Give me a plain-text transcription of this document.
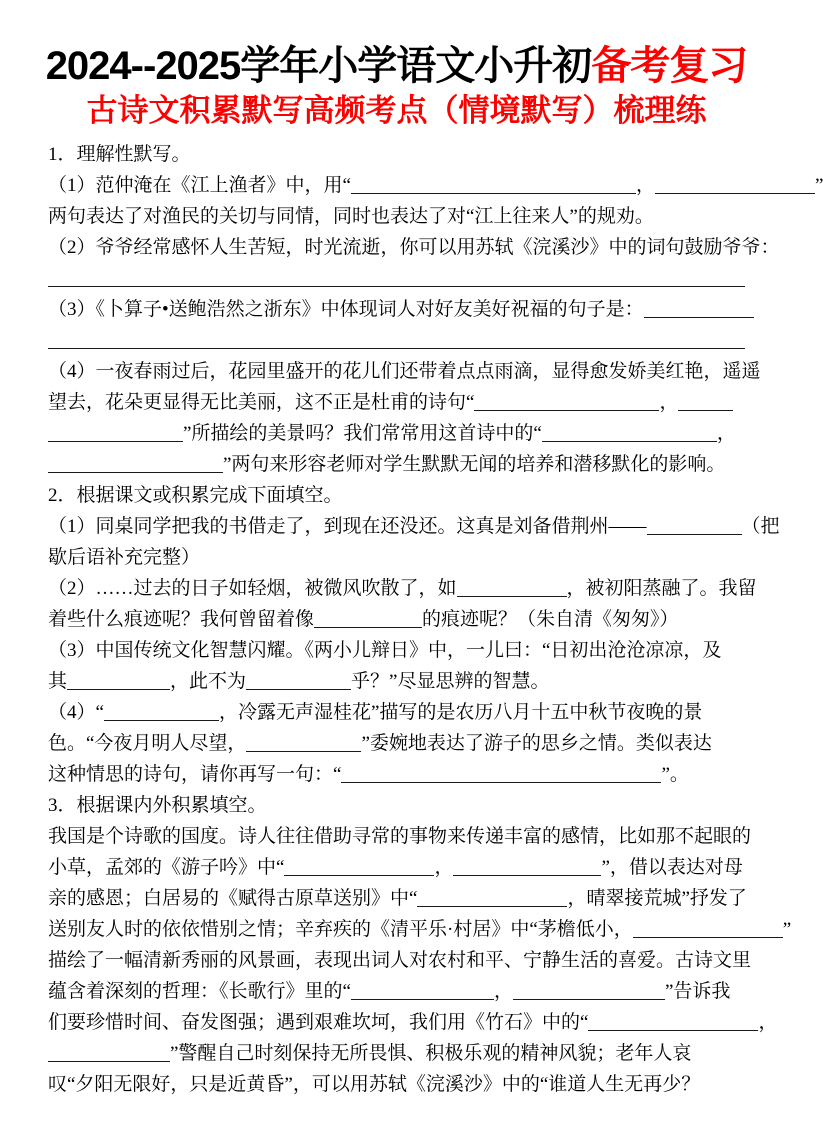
2024--2025学年小学语文小升初备考复习
古诗文积累默写高频考点（情境默写）梳理练
1．理解性默写。
（1）范仲淹在《江上渔者》中，用“	，	”
两句表达了对渔民的关切与同情，同时也表达了对“江上往来人”的规劝。
（2）爷爷经常感怀人生苦短，时光流逝，你可以用苏轼《浣溪沙》中的词句鼓励爷爷：
（3）《卜算子•送鲍浩然之浙东》中体现词人对好友美好祝福的句子是：
（4）一夜春雨过后，花园里盛开的花儿们还带着点点雨滴，显得愈发娇美红艳，遥遥
望去，花朵更显得无比美丽，这不正是杜甫的诗句“	，
”所描绘的美景吗？我们常常用这首诗中的“	，
”两句来形容老师对学生默默无闻的培养和潜移默化的影响。
2．根据课文或积累完成下面填空。
（1）同桌同学把我的书借走了，到现在还没还。这真是刘备借荆州——	（把
歇后语补充完整）
（2）……过去的日子如轻烟，被微风吹散了，如	，被初阳蒸融了。我留
着些什么痕迹呢？我何曾留着像	的痕迹呢？（朱自清《匆匆》）
（3）中国传统文化智慧闪耀。《两小儿辩日》中，一儿曰：“日初出沧沧凉凉，及
其	，此不为	乎？”尽显思辨的智慧。
（4）“	，冷露无声湿桂花”描写的是农历八月十五中秋节夜晚的景
色。“今夜月明人尽望，	”委婉地表达了游子的思乡之情。类似表达
这种情思的诗句，请你再写一句：“	”。
3．根据课内外积累填空。
我国是个诗歌的国度。诗人往往借助寻常的事物来传递丰富的感情，比如那不起眼的
小草，孟郊的《游子吟》中“	，	”，借以表达对母
亲的感恩；白居易的《赋得古原草送别》中“	，晴翠接荒城”抒发了
送别友人时的依依惜别之情；辛弃疾的《清平乐·村居》中“茅檐低小，	”
描绘了一幅清新秀丽的风景画，表现出词人对农村和平、宁静生活的喜爱。古诗文里
蕴含着深刻的哲理：《长歌行》里的“	，	”告诉我
们要珍惜时间、奋发图强；遇到艰难坎坷，我们用《竹石》中的“	，
”警醒自己时刻保持无所畏惧、积极乐观的精神风貌；老年人哀
叹“夕阳无限好，只是近黄昏”，可以用苏轼《浣溪沙》中的“谁道人生无再少？
